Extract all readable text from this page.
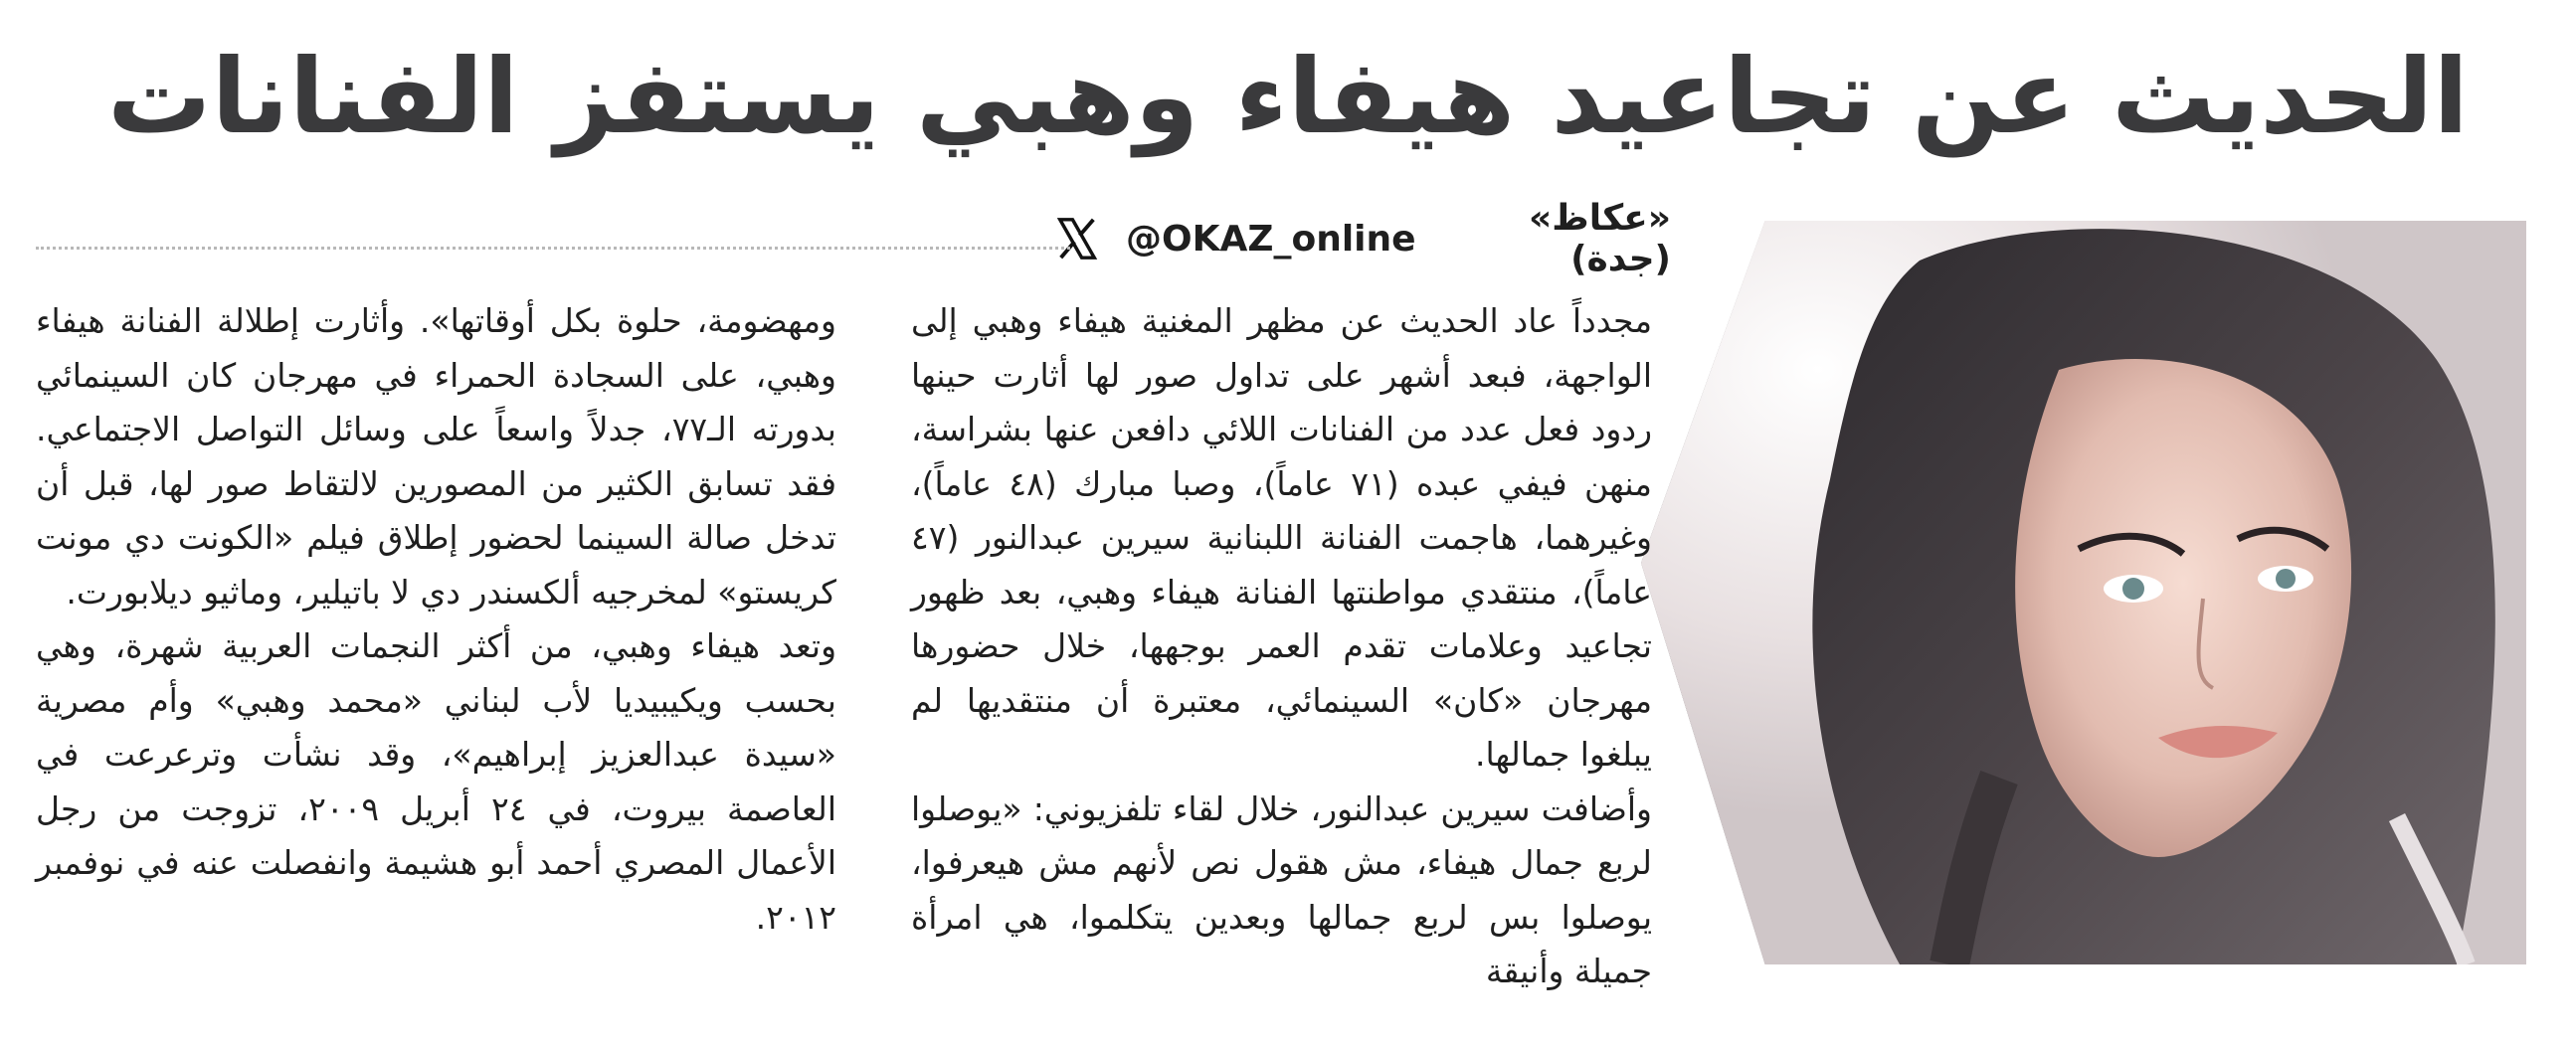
الحديث عن تجاعيد هيفاء وهبي يستفز الفنانات
«عكاظ» (جدة)
@OKAZ_online

مجدداً عاد الحديث عن مظهر المغنية هيفاء وهبي إلى الواجهة، فبعد أشهر على تداول صور لها أثارت حينها ردود فعل عدد من الفنانات اللائي دافعن عنها بشراسة، منهن فيفي عبده (٧١ عاماً)، وصبا مبارك (٤٨ عاماً)، وغيرهما، هاجمت الفنانة اللبنانية سيرين عبدالنور (٤٧ عاماً)، منتقدي مواطنتها الفنانة هيفاء وهبي، بعد ظهور تجاعيد وعلامات تقدم العمر بوجهها، خلال حضورها مهرجان «كان» السينمائي، معتبرة أن منتقديها لم يبلغوا جمالها.

وأضافت سيرين عبدالنور، خلال لقاء تلفزيوني: «يوصلوا لربع جمال هيفاء، مش هقول نص لأنهم مش هيعرفوا، يوصلوا بس لربع جمالها وبعدين يتكلموا، هي امرأة جميلة وأنيقة

ومهضومة، حلوة بكل أوقاتها». وأثارت إطلالة الفنانة هيفاء وهبي، على السجادة الحمراء في مهرجان كان السينمائي بدورته الـ٧٧، جدلاً واسعاً على وسائل التواصل الاجتماعي. فقد تسابق الكثير من المصورين لالتقاط صور لها، قبل أن تدخل صالة السينما لحضور إطلاق فيلم «الكونت دي مونت كريستو» لمخرجيه ألكسندر دي لا باتيلير، وماثيو ديلابورت.

وتعد هيفاء وهبي، من أكثر النجمات العربية شهرة، وهي بحسب ويكيبيديا لأب لبناني «محمد وهبي» وأم مصرية «سيدة عبدالعزيز إبراهيم»، وقد نشأت وترعرعت في العاصمة بيروت، في ٢٤ أبريل ٢٠٠٩، تزوجت من رجل الأعمال المصري أحمد أبو هشيمة وانفصلت عنه في نوفمبر ٢٠١٢.
